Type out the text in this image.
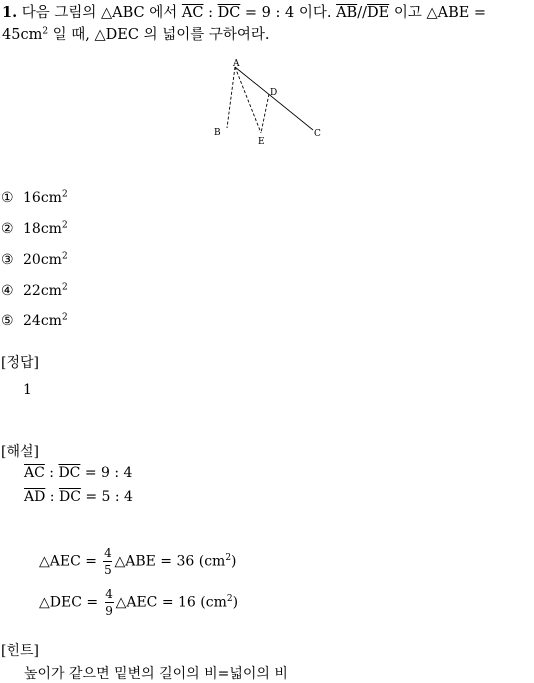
1. 다음 그림의 △ABC 에서 $\overline{AC}$ : $\overline{DC} = 9$ : 4 이다. $\overline{AB}//\overline{DE}$ 이고 △ABE =
$45cm^2$ 일 때, △DEC 의 넓이를 구하여라.
A
D
B
E
C
① $16cm^2$
② $18cm^2$
③ $20cm^2$
④ $22cm^2$
⑤ $24cm^2$
[정답]
1
[해설]
$\overline{AC}$ : $\overline{DC} = 9$ : 4
$\overline{AD}$ : $\overline{DC} = 5$ : 4
△AEC = $\frac{4}{5}$ △ABE = 36 $(cm^2)$
△DEC = $\frac{4}{9}$ △AEC = 16 $(cm^2)$
[힌트]
높이가 같으면 밑변의 길이의 비=넓이의 비
